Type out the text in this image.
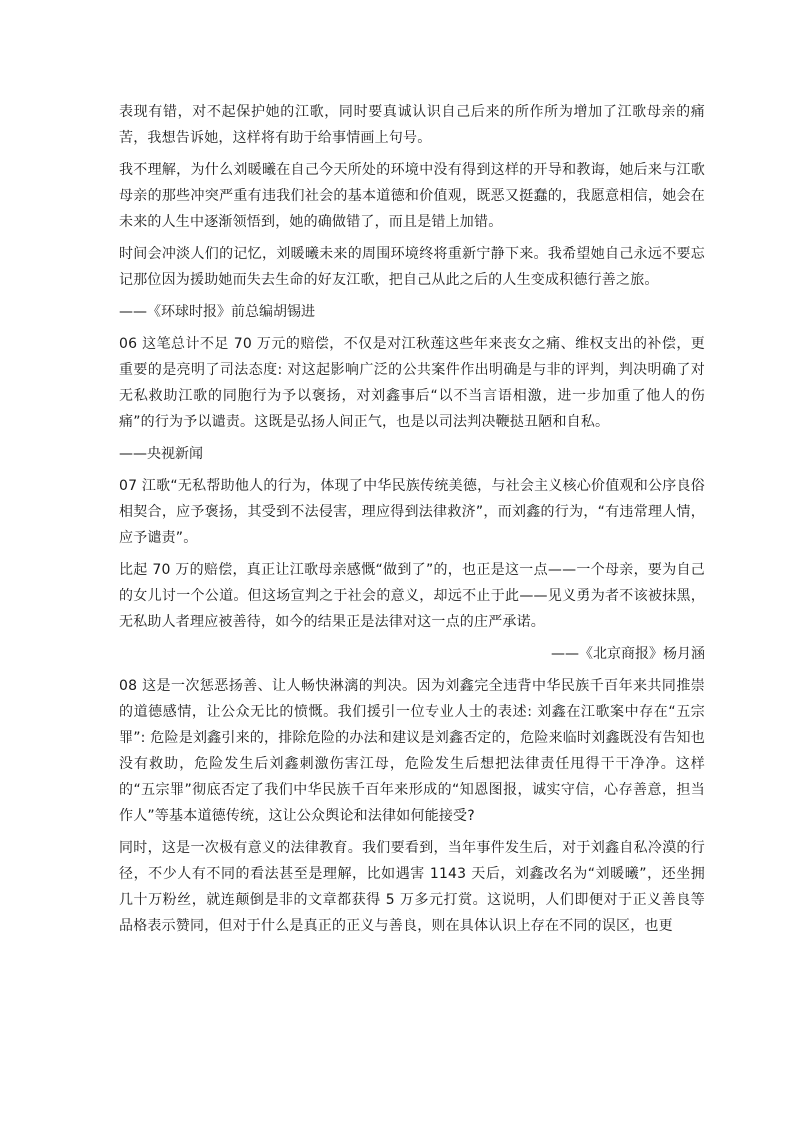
表现有错，对不起保护她的江歌，同时要真诚认识自己后来的所作所为增加了江歌母亲的痛苦，我想告诉她，这样将有助于给事情画上句号。

我不理解，为什么刘暖曦在自己今天所处的环境中没有得到这样的开导和教诲，她后来与江歌母亲的那些冲突严重有违我们社会的基本道德和价值观，既恶又挺蠢的，我愿意相信，她会在未来的人生中逐渐领悟到，她的确做错了，而且是错上加错。

时间会冲淡人们的记忆，刘暖曦未来的周围环境终将重新宁静下来。我希望她自己永远不要忘记那位因为援助她而失去生命的好友江歌，把自己从此之后的人生变成积德行善之旅。

——《环球时报》前总编胡锡进

06 这笔总计不足 70 万元的赔偿，不仅是对江秋莲这些年来丧女之痛、维权支出的补偿，更重要的是亮明了司法态度: 对这起影响广泛的公共案件作出明确是与非的评判，判决明确了对无私救助江歌的同胞行为予以褒扬，对刘鑫事后“以不当言语相激，进一步加重了他人的伤痛”的行为予以谴责。这既是弘扬人间正气，也是以司法判决鞭挞丑陋和自私。

——央视新闻

07 江歌“无私帮助他人的行为，体现了中华民族传统美德，与社会主义核心价值观和公序良俗相契合，应予褒扬，其受到不法侵害，理应得到法律救济”，而刘鑫的行为，“有违常理人情，应予谴责”。

比起 70 万的赔偿，真正让江歌母亲感慨“做到了”的，也正是这一点——一个母亲，要为自己的女儿讨一个公道。但这场宣判之于社会的意义，却远不止于此——见义勇为者不该被抹黑，无私助人者理应被善待，如今的结果正是法律对这一点的庄严承诺。

——《北京商报》杨月涵

08 这是一次惩恶扬善、让人畅快淋漓的判决。因为刘鑫完全违背中华民族千百年来共同推崇的道德感情，让公众无比的愤慨。我们援引一位专业人士的表述: 刘鑫在江歌案中存在“五宗罪”: 危险是刘鑫引来的，排除危险的办法和建议是刘鑫否定的，危险来临时刘鑫既没有告知也没有救助，危险发生后刘鑫刺激伤害江母，危险发生后想把法律责任甩得干干净净。这样的“五宗罪”彻底否定了我们中华民族千百年来形成的“知恩图报，诚实守信，心存善意，担当作人”等基本道德传统，这让公众舆论和法律如何能接受?

同时，这是一次极有意义的法律教育。我们要看到，当年事件发生后，对于刘鑫自私冷漠的行径，不少人有不同的看法甚至是理解，比如遇害 1143 天后，刘鑫改名为“刘暖曦”，还坐拥几十万粉丝，就连颠倒是非的文章都获得 5 万多元打赏。这说明，人们即便对于正义善良等品格表示赞同，但对于什么是真正的正义与善良，则在具体认识上存在不同的误区，也更
